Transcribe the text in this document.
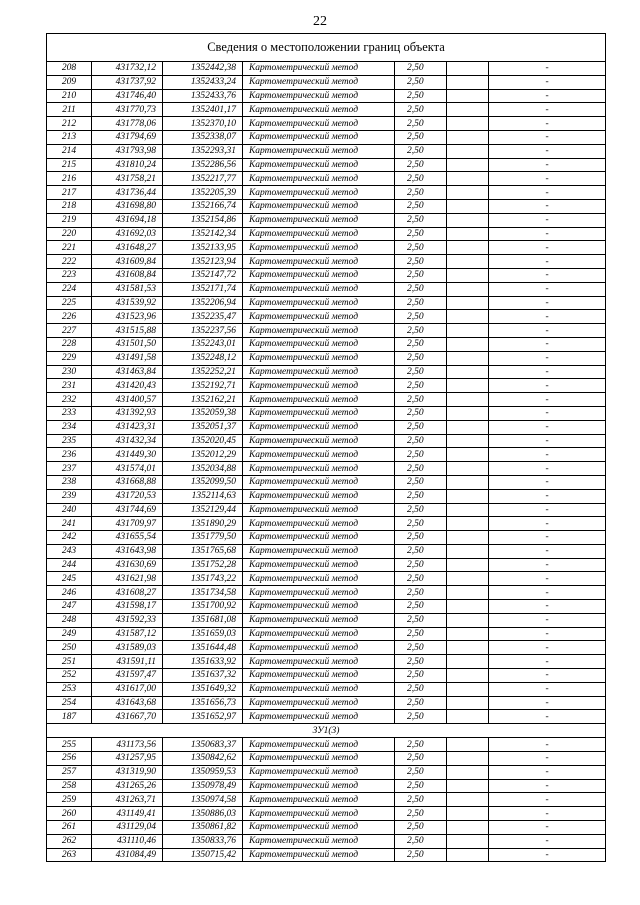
22
Сведения о местоположении границ объекта						
208	431732,12	1352442,38	Картометрический метод	2,50		-
209	431737,92	1352433,24	Картометрический метод	2,50		-
210	431746,40	1352433,76	Картометрический метод	2,50		-
211	431770,73	1352401,17	Картометрический метод	2,50		-
212	431778,06	1352370,10	Картометрический метод	2,50		-
213	431794,69	1352338,07	Картометрический метод	2,50		-
214	431793,98	1352293,31	Картометрический метод	2,50		-
215	431810,24	1352286,56	Картометрический метод	2,50		-
216	431758,21	1352217,77	Картометрический метод	2,50		-
217	431736,44	1352205,39	Картометрический метод	2,50		-
218	431698,80	1352166,74	Картометрический метод	2,50		-
219	431694,18	1352154,86	Картометрический метод	2,50		-
220	431692,03	1352142,34	Картометрический метод	2,50		-
221	431648,27	1352133,95	Картометрический метод	2,50		-
222	431609,84	1352123,94	Картометрический метод	2,50		-
223	431608,84	1352147,72	Картометрический метод	2,50		-
224	431581,53	1352171,74	Картометрический метод	2,50		-
225	431539,92	1352206,94	Картометрический метод	2,50		-
226	431523,96	1352235,47	Картометрический метод	2,50		-
227	431515,88	1352237,56	Картометрический метод	2,50		-
228	431501,50	1352243,01	Картометрический метод	2,50		-
229	431491,58	1352248,12	Картометрический метод	2,50		-
230	431463,84	1352252,21	Картометрический метод	2,50		-
231	431420,43	1352192,71	Картометрический метод	2,50		-
232	431400,57	1352162,21	Картометрический метод	2,50		-
233	431392,93	1352059,38	Картометрический метод	2,50		-
234	431423,31	1352051,37	Картометрический метод	2,50		-
235	431432,34	1352020,45	Картометрический метод	2,50		-
236	431449,30	1352012,29	Картометрический метод	2,50		-
237	431574,01	1352034,88	Картометрический метод	2,50		-
238	431668,88	1352099,50	Картометрический метод	2,50		-
239	431720,53	1352114,63	Картометрический метод	2,50		-
240	431744,69	1352129,44	Картометрический метод	2,50		-
241	431709,97	1351890,29	Картометрический метод	2,50		-
242	431655,54	1351779,50	Картометрический метод	2,50		-
243	431643,98	1351765,68	Картометрический метод	2,50		-
244	431630,69	1351752,28	Картометрический метод	2,50		-
245	431621,98	1351743,22	Картометрический метод	2,50		-
246	431608,27	1351734,58	Картометрический метод	2,50		-
247	431598,17	1351700,92	Картометрический метод	2,50		-
248	431592,33	1351681,08	Картометрический метод	2,50		-
249	431587,12	1351659,03	Картометрический метод	2,50		-
250	431589,03	1351644,48	Картометрический метод	2,50		-
251	431591,11	1351633,92	Картометрический метод	2,50		-
252	431597,47	1351637,32	Картометрический метод	2,50		-
253	431617,00	1351649,32	Картометрический метод	2,50		-
254	431643,68	1351656,73	Картометрический метод	2,50		-
187	431667,70	1351652,97	Картометрический метод	2,50		-
ЗУ1(3)						
255	431173,56	1350683,37	Картометрический метод	2,50		-
256	431257,95	1350842,62	Картометрический метод	2,50		-
257	431319,90	1350959,53	Картометрический метод	2,50		-
258	431265,26	1350978,49	Картометрический метод	2,50		-
259	431263,71	1350974,58	Картометрический метод	2,50		-
260	431149,41	1350886,03	Картометрический метод	2,50		-
261	431129,04	1350861,82	Картометрический метод	2,50		-
262	431110,46	1350833,76	Картометрический метод	2,50		-
263	431084,49	1350715,42	Картометрический метод	2,50		-
